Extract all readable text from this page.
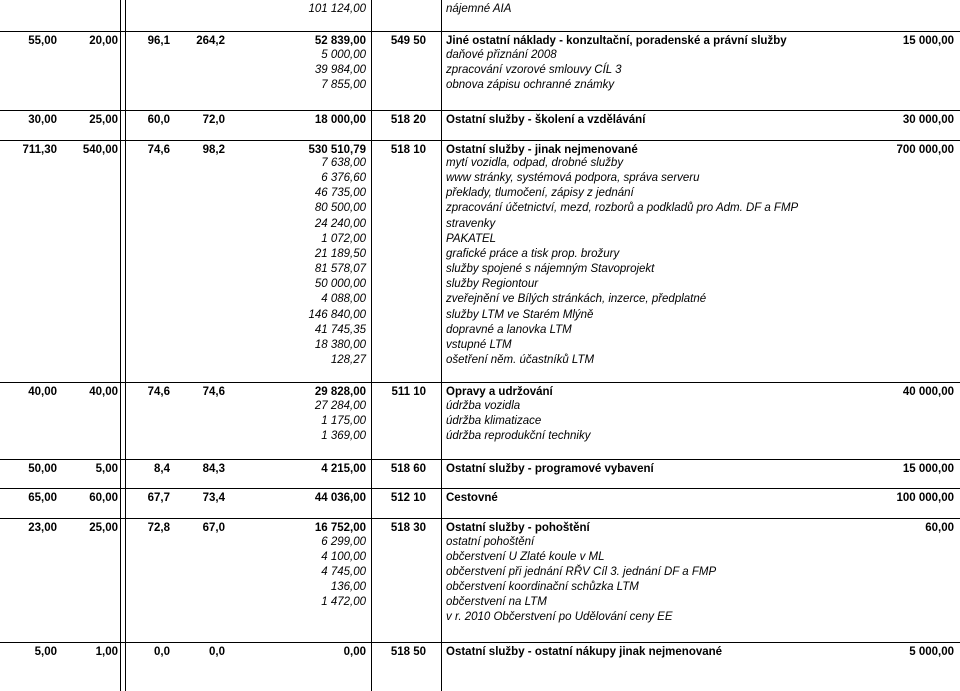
101 124,00	nájemné AIA
55,00	20,00	96,1	264,2	52 839,00	549 50 Jiné ostatní náklady - konzultační, poradenské a právní služby	15 000,00
5 000,00	daňové přiznání 2008
39 984,00	zpracování vzorové smlouvy CÍL 3
7 855,00	obnova zápisu ochranné známky
30,00	25,00	60,0	72,0	18 000,00	518 20 Ostatní služby - školení a vzdělávání	30 000,00
711,30	540,00	74,6	98,2	530 510,79	518 10 Ostatní služby - jinak nejmenované	700 000,00
7 638,00	mytí vozidla, odpad, drobné služby
6 376,60	www stránky, systémová podpora, správa serveru
46 735,00	překlady, tlumočení, zápisy z jednání
80 500,00	zpracování účetnictví, mezd, rozborů a podkladů pro Adm. DF a FMP
24 240,00	stravenky
1 072,00	PAKATEL
21 189,50	grafické práce a tisk prop. brožury
81 578,07	služby spojené s nájemným Stavoprojekt
50 000,00	služby Regiontour
4 088,00	zveřejnění ve Bílých stránkách, inzerce, předplatné
146 840,00	služby LTM ve Starém Mlýně
41 745,35	dopravné a lanovka LTM
18 380,00	vstupné LTM
128,27	ošetření něm. účastníků LTM
40,00	40,00	74,6	74,6	29 828,00	511 10 Opravy a udržování	40 000,00
27 284,00	údržba vozidla
1 175,00	údržba klimatizace
1 369,00	údržba reprodukční techniky
50,00	5,00	8,4	84,3	4 215,00	518 60 Ostatní služby - programové vybavení	15 000,00
65,00	60,00	67,7	73,4	44 036,00	512 10 Cestovné	100 000,00
23,00	25,00	72,8	67,0	16 752,00	518 30 Ostatní služby - pohoštění	60,00
6 299,00	ostatní pohoštění
4 100,00	občerstvení U Zlaté koule v ML
4 745,00	občerstvení při jednání RŘV Cíl 3. jednání DF a FMP
136,00	občerstvení koordinační schůzka LTM
1 472,00	občerstvení na LTM
v r. 2010 Občerstvení po Udělování ceny EE
5,00	1,00	0,0	0,0	0,00	518 50 Ostatní služby - ostatní nákupy jinak nejmenované	5 000,00
